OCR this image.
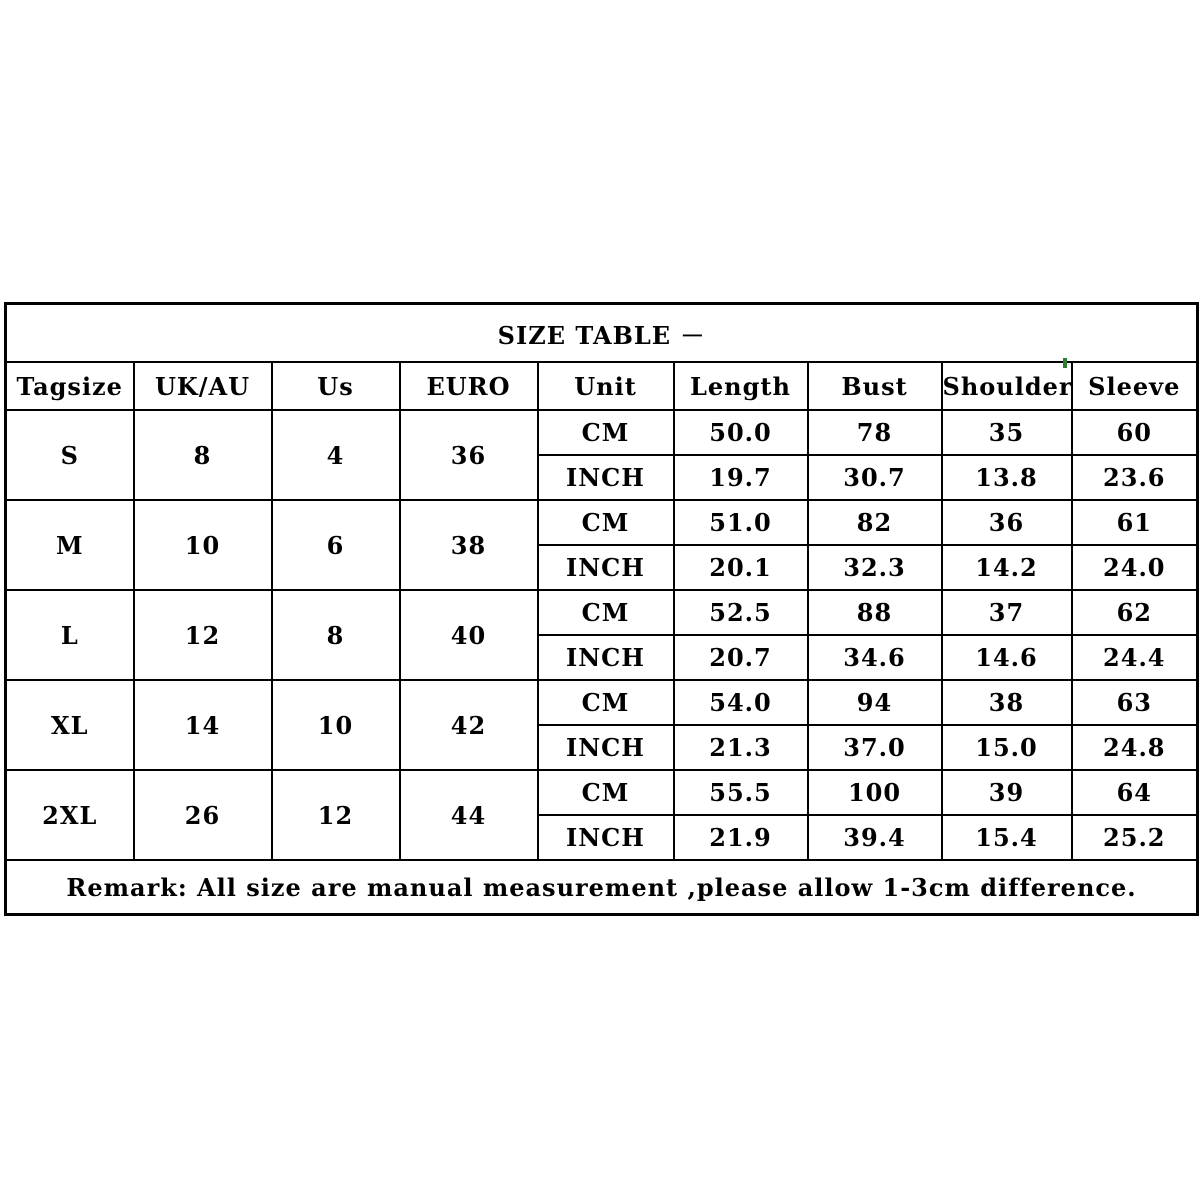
SIZE TABLE －								
Tagsize	UK/AU	Us	EURO	Unit	Length	Bust	Shoulder	Sleeve
S	8	4	36	CM	50.0	78	35	60
				INCH	19.7	30.7	13.8	23.6
M	10	6	38	CM	51.0	82	36	61
				INCH	20.1	32.3	14.2	24.0
L	12	8	40	CM	52.5	88	37	62
				INCH	20.7	34.6	14.6	24.4
XL	14	10	42	CM	54.0	94	38	63
				INCH	21.3	37.0	15.0	24.8
2XL	26	12	44	CM	55.5	100	39	64
				INCH	21.9	39.4	15.4	25.2
Remark: All size are manual measurement ,please allow 1-3cm difference.								
